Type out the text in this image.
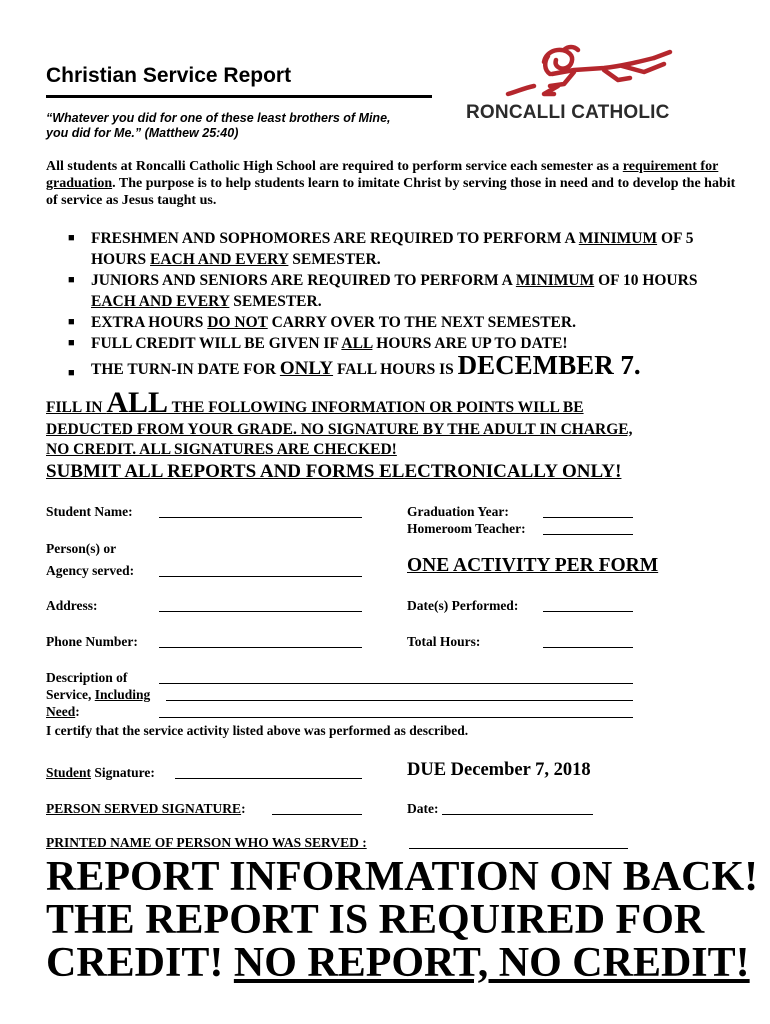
Christian Service Report
“Whatever you did for one of these least brothers of Mine,
you did for Me.” (Matthew 25:40)
RONCALLI CATHOLIC
All students at Roncalli Catholic High School are required to perform service each semester as a requirement for graduation. The purpose is to help students learn to imitate Christ by serving those in need and to develop the habit of service as Jesus taught us.
■ FRESHMEN AND SOPHOMORES ARE REQUIRED TO PERFORM A MINIMUM OF 5 HOURS EACH AND EVERY SEMESTER.
■ JUNIORS AND SENIORS ARE REQUIRED TO PERFORM A MINIMUM OF 10 HOURS EACH AND EVERY SEMESTER.
■ EXTRA HOURS DO NOT CARRY OVER TO THE NEXT SEMESTER.
■ FULL CREDIT WILL BE GIVEN IF ALL HOURS ARE UP TO DATE!
■ THE TURN-IN DATE FOR ONLY FALL HOURS IS DECEMBER 7.
FILL IN ALL THE FOLLOWING INFORMATION OR POINTS WILL BE
DEDUCTED FROM YOUR GRADE. NO SIGNATURE BY THE ADULT IN CHARGE,
NO CREDIT. ALL SIGNATURES ARE CHECKED!
SUBMIT ALL REPORTS AND FORMS ELECTRONICALLY ONLY!
Student Name:	Graduation Year:
Homeroom Teacher:
Person(s) or
Agency served:	ONE ACTIVITY PER FORM
Address:	Date(s) Performed:
Phone Number:	Total Hours:
Description of
Service, Including
Need:
I certify that the service activity listed above was performed as described.
Student Signature:	DUE December 7, 2018
PERSON SERVED SIGNATURE:	Date:
PRINTED NAME OF PERSON WHO WAS SERVED :
REPORT INFORMATION ON BACK!
THE REPORT IS REQUIRED FOR
CREDIT! NO REPORT, NO CREDIT!
